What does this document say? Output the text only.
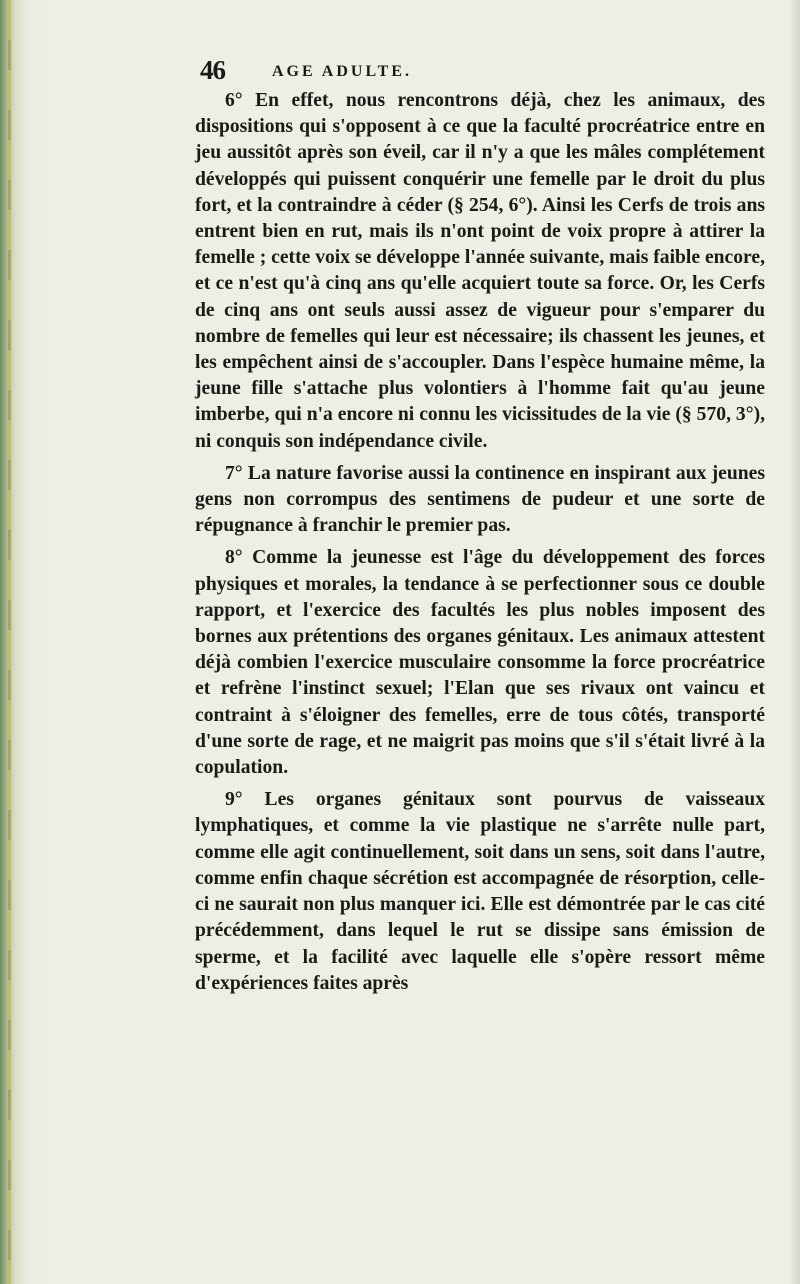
46	AGE ADULTE.

6° En effet, nous rencontrons déjà, chez les animaux, des dispositions qui s'opposent à ce que la faculté procréatrice entre en jeu aussitôt après son éveil, car il n'y a que les mâles complétement développés qui puissent conquérir une femelle par le droit du plus fort, et la contraindre à céder (§ 254, 6°). Ainsi les Cerfs de trois ans entrent bien en rut, mais ils n'ont point de voix propre à attirer la femelle ; cette voix se développe l'année suivante, mais faible encore, et ce n'est qu'à cinq ans qu'elle acquiert toute sa force. Or, les Cerfs de cinq ans ont seuls aussi assez de vigueur pour s'emparer du nombre de femelles qui leur est nécessaire; ils chassent les jeunes, et les empêchent ainsi de s'accoupler. Dans l'espèce humaine même, la jeune fille s'attache plus volontiers à l'homme fait qu'au jeune imberbe, qui n'a encore ni connu les vicissitudes de la vie (§ 570, 3°), ni conquis son indépendance civile.

7° La nature favorise aussi la continence en inspirant aux jeunes gens non corrompus des sentimens de pudeur et une sorte de répugnance à franchir le premier pas.

8° Comme la jeunesse est l'âge du développement des forces physiques et morales, la tendance à se perfectionner sous ce double rapport, et l'exercice des facultés les plus nobles imposent des bornes aux prétentions des organes génitaux. Les animaux attestent déjà combien l'exercice musculaire consomme la force procréatrice et refrène l'instinct sexuel; l'Elan que ses rivaux ont vaincu et contraint à s'éloigner des femelles, erre de tous côtés, transporté d'une sorte de rage, et ne maigrit pas moins que s'il s'était livré à la copulation.

9° Les organes génitaux sont pourvus de vaisseaux lymphatiques, et comme la vie plastique ne s'arrête nulle part, comme elle agit continuellement, soit dans un sens, soit dans l'autre, comme enfin chaque sécrétion est accompagnée de résorption, celle-ci ne saurait non plus manquer ici. Elle est démontrée par le cas cité précédemment, dans lequel le rut se dissipe sans émission de sperme, et la facilité avec laquelle elle s'opère ressort même d'expériences faites après
